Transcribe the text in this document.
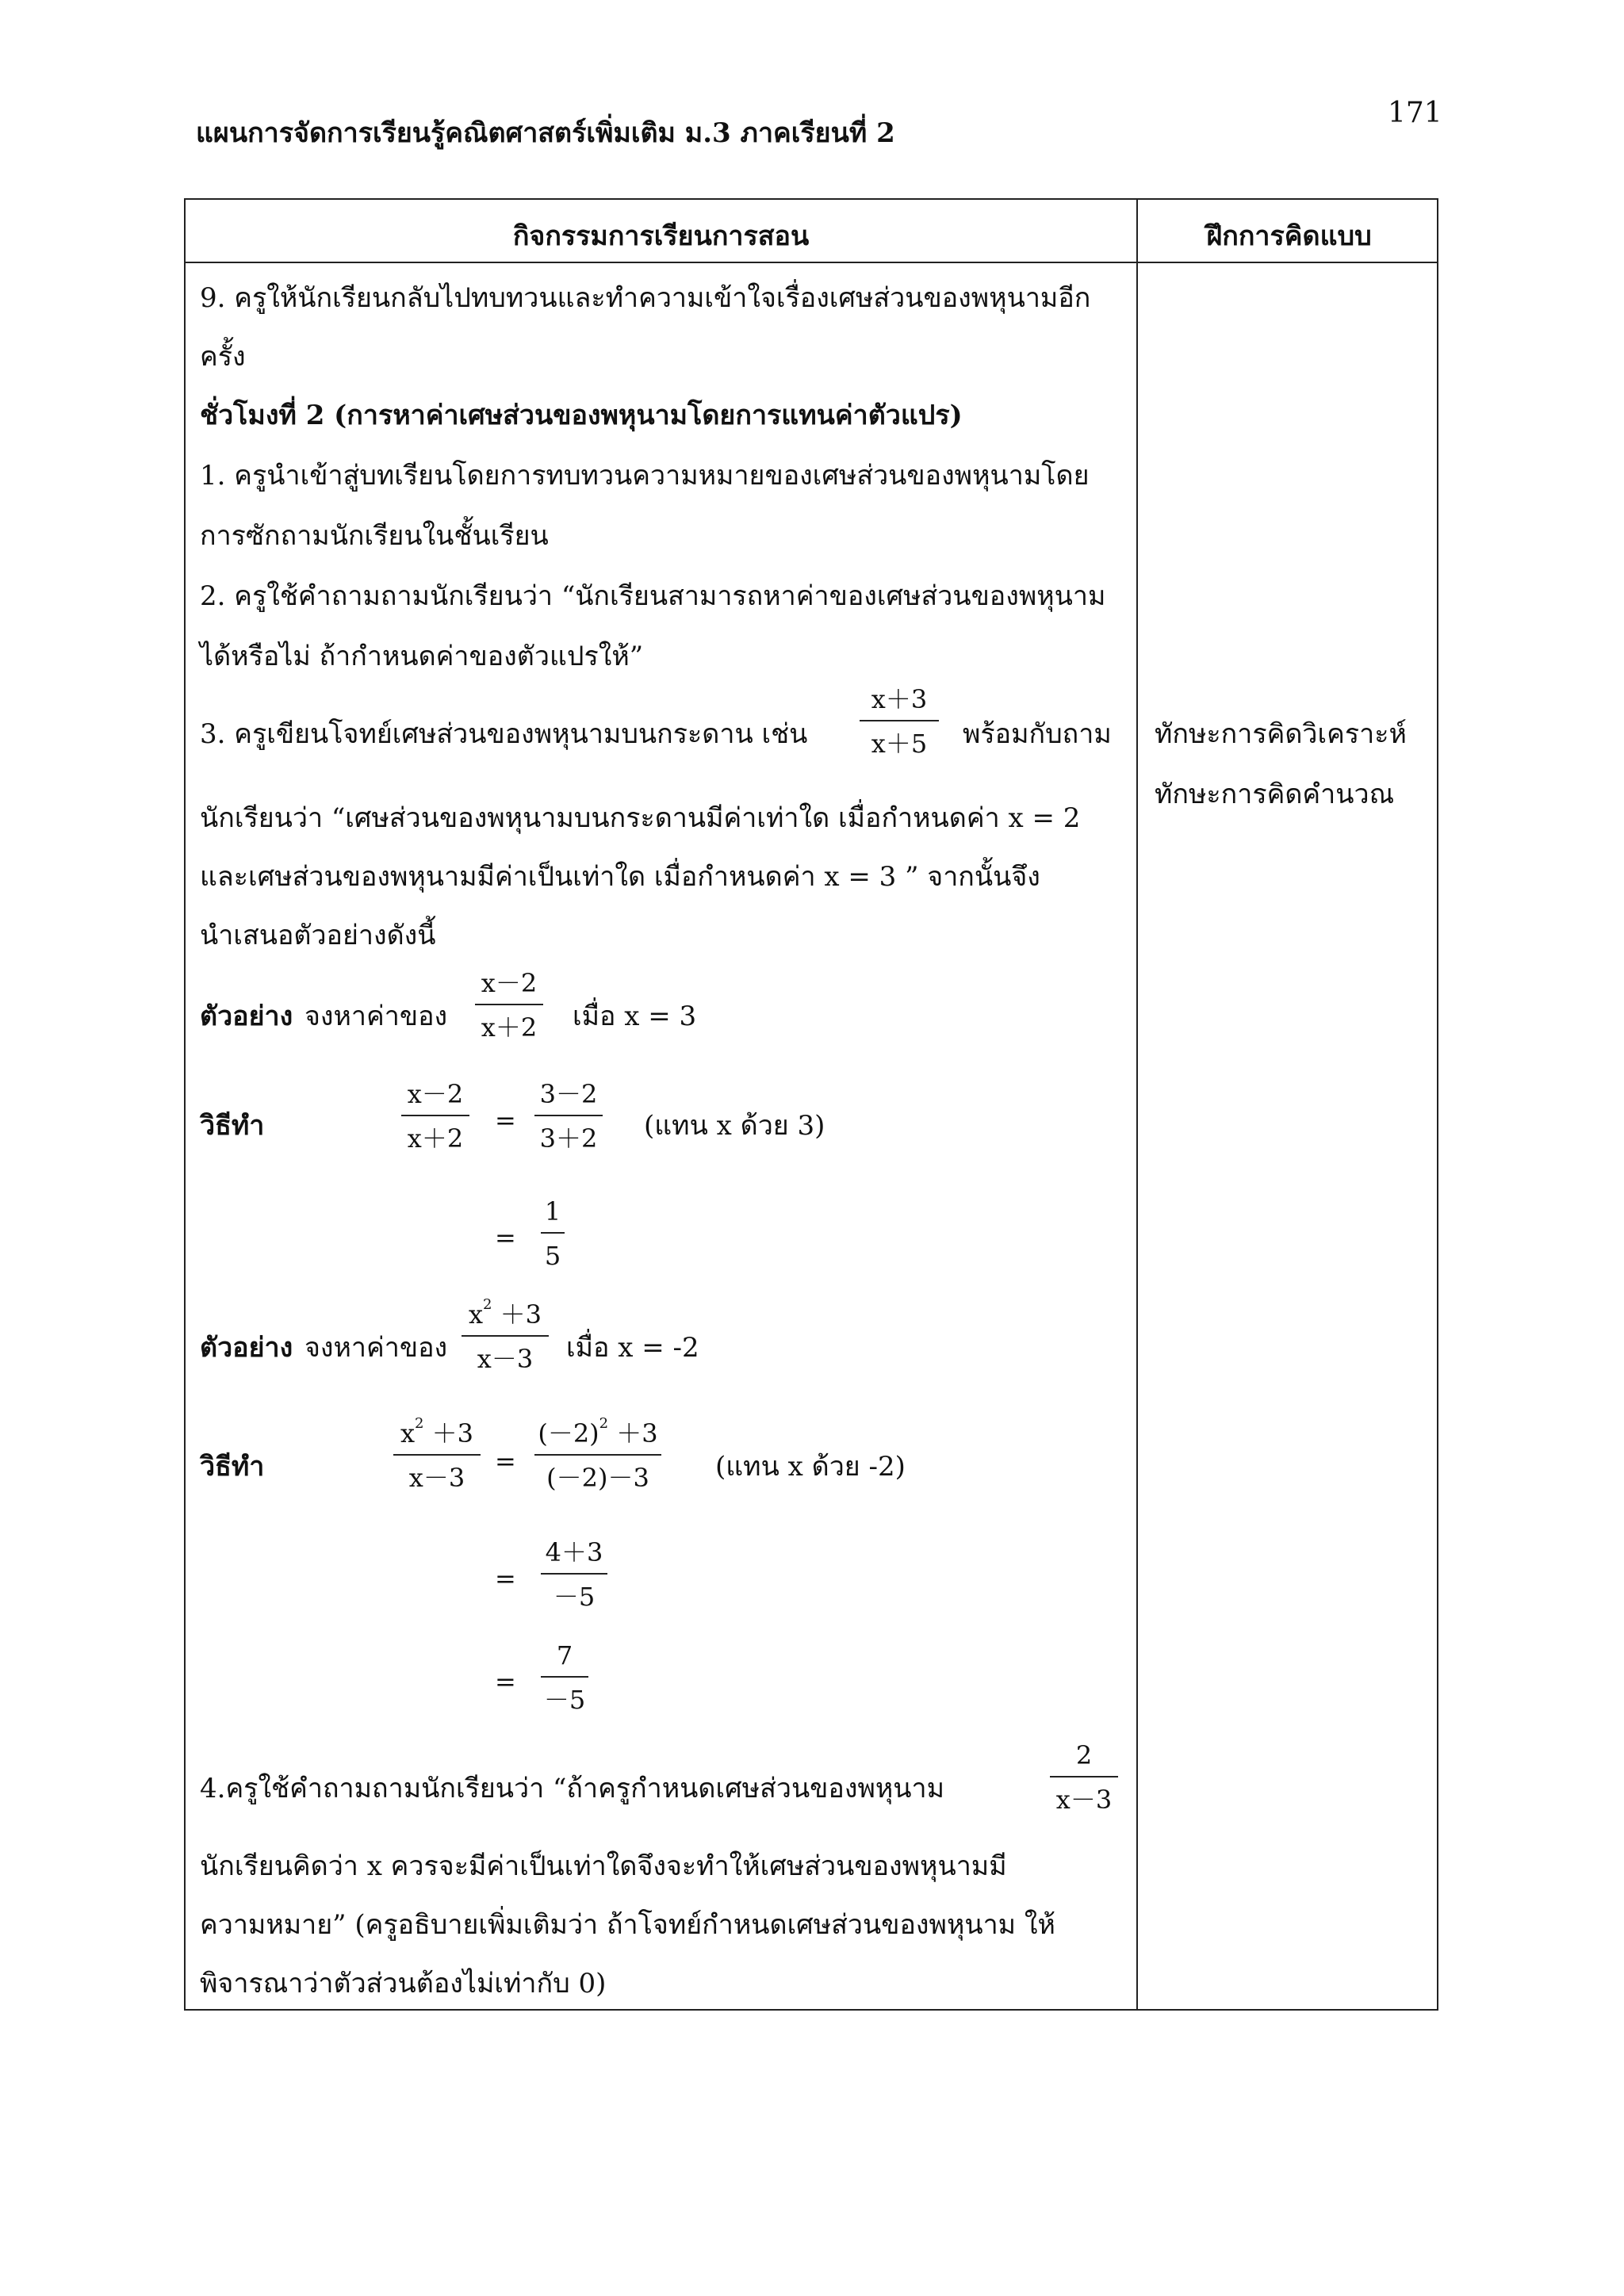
แผนการจัดการเรียนรู้คณิตศาสตร์เพิ่มเติม ม.3 ภาคเรียนที่ 2
171
กิจกรรมการเรียนการสอน	ฝึกการคิดแบบ
ทักษะการคิดวิเคราะห์
ทักษะการคิดคำนวณ
9. ครูให้นักเรียนกลับไปทบทวนและทำความเข้าใจเรื่องเศษส่วนของพหุนามอีก
ครั้ง
ชั่วโมงที่ 2 (การหาค่าเศษส่วนของพหุนามโดยการแทนค่าตัวแปร)
1. ครูนำเข้าสู่บทเรียนโดยการทบทวนความหมายของเศษส่วนของพหุนามโดย
การซักถามนักเรียนในชั้นเรียน
2. ครูใช้คำถามถามนักเรียนว่า “นักเรียนสามารถหาค่าของเศษส่วนของพหุนาม
ได้หรือไม่ ถ้ากำหนดค่าของตัวแปรให้”
3. ครูเขียนโจทย์เศษส่วนของพหุนามบนกระดาน เช่น
x＋3
x＋5 พร้อมกับถาม
นักเรียนว่า “เศษส่วนของพหุนามบนกระดานมีค่าเท่าใด เมื่อกำหนดค่า x = 2
และเศษส่วนของพหุนามมีค่าเป็นเท่าใด เมื่อกำหนดค่า x = 3 ” จากนั้นจึง
นำเสนอตัวอย่างดังนี้
ตัวอย่าง จงหาค่าของ
x－2
x＋2 เมื่อ x = 3
วิธีทำ
x－2
x＋2
=
3－2
3＋2 (แทน x ด้วย 3)
=
1
5
ตัวอย่าง จงหาค่าของ
$x^2 +3$
x－3 เมื่อ x = -2
วิธีทำ
$x^2 +3$
x－3
=
$(-2)^2 +3$
(－2)－3 (แทน x ด้วย -2)
=
4＋3
－5
=
7
－5
4.ครูใช้คำถามถามนักเรียนว่า “ถ้าครูกำหนดเศษส่วนของพหุนาม
2
x－3
นักเรียนคิดว่า x ควรจะมีค่าเป็นเท่าใดจึงจะทำให้เศษส่วนของพหุนามมี
ความหมาย” (ครูอธิบายเพิ่มเติมว่า ถ้าโจทย์กำหนดเศษส่วนของพหุนาม ให้
พิจารณาว่าตัวส่วนต้องไม่เท่ากับ 0)
